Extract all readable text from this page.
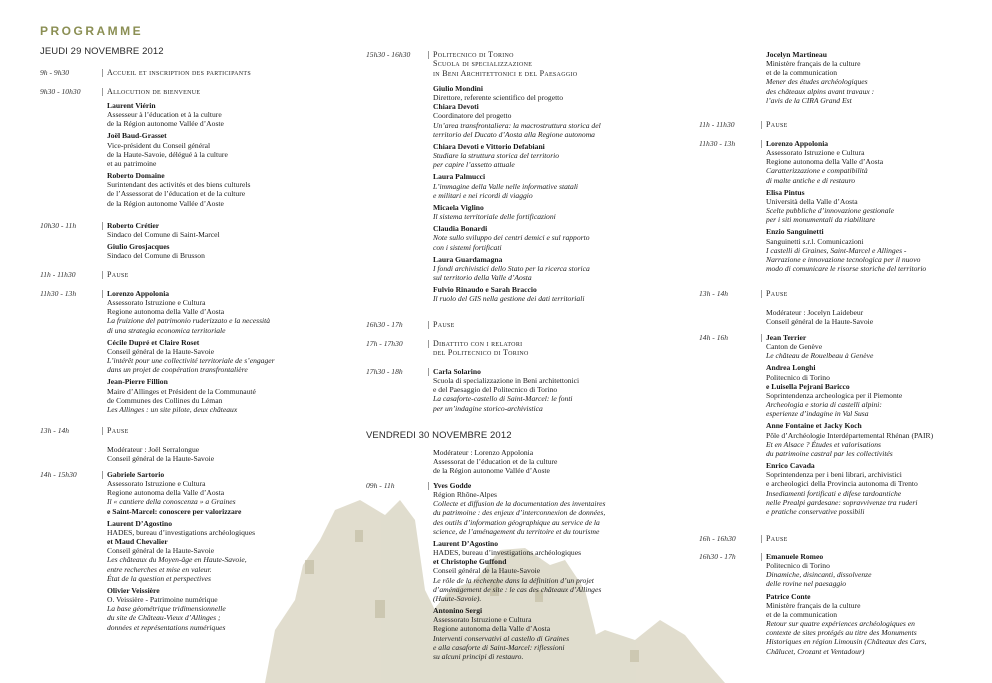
PROGRAMME
JEUDI 29 NOVEMBRE 2012
9h - 9h30	Accueil et inscription des participants
9h30 - 10h30	Allocution de bienvenue
Laurent Viérin
Assesseur à l’éducation et à la culture
de la Région autonome Vallée d’Aoste
Joël Baud-Grasset
Vice-président du Conseil général
de la Haute-Savoie, délégué à la culture
et au patrimoine
Roberto Domaine
Surintendant des activités et des biens culturels
de l’Assessorat de l’éducation et de la culture
de la Région autonome Vallée d’Aoste
10h30 - 11h	Roberto Crétier
Sindaco del Comune di Saint-Marcel
Giulio Grosjacques
Sindaco del Comune di Brusson
11h - 11h30	Pause
11h30 - 13h	Lorenzo Appolonia
Assessorato Istruzione e Cultura
Regione autonoma della Valle d’Aosta
La fruizione del patrimonio ruderizzato e la necessità
di una strategia economica territoriale
Cécile Dupré et Claire Roset
Conseil général de la Haute-Savoie
L’intérêt pour une collectivité territoriale de s’engager
dans un projet de coopération transfrontalière
Jean-Pierre Fillion
Maire d’Allinges et Président de la Communauté
de Communes des Collines du Léman
Les Allinges : un site pilote, deux châteaux
13h - 14h	Pause
Modérateur : Joël Serralongue
Conseil général de la Haute-Savoie
14h - 15h30	Gabriele Sartorio
Assessorato Istruzione e Cultura
Regione autonoma della Valle d’Aosta
Il « cantiere della conoscenza » a Graines
e Saint-Marcel: conoscere per valorizzare
Laurent D’Agostino
HADES, bureau d’investigations archéologiques
et Maud Chevalier
Conseil général de la Haute-Savoie
Les châteaux du Moyen-âge en Haute-Savoie,
entre recherches et mise en valeur.
État de la question et perspectives
Olivier Veissière
O. Veissière - Patrimoine numérique
La base géométrique tridimensionnelle
du site de Château-Vieux d’Allinges ;
données et représentations numériques
15h30 - 16h30	Politecnico di Torino
Scuola di specializzazione
in Beni Architettonici e del Paesaggio
Giulio Mondini
Direttore, referente scientifico del progetto
Chiara Devoti
Coordinatore del progetto
Un’area transfrontaliera: la macrostruttura storica del
territorio del Ducato d’Aosta alla Regione autonoma
Chiara Devoti e Vittorio Defabiani
Studiare la struttura storica del territorio
per capire l’assetto attuale
Laura Palmucci
L’immagine della Valle nelle informative statali
e militari e nei ricordi di viaggio
Micaela Viglino
Il sistema territoriale delle fortificazioni
Claudia Bonardi
Note sullo sviluppo dei centri demici e sul rapporto
con i sistemi fortificati
Laura Guardamagna
I fondi archivistici dello Stato per la ricerca storica
sul territorio della Valle d’Aosta
Fulvio Rinaudo e Sarah Braccio
Il ruolo del GIS nella gestione dei dati territoriali
16h30 - 17h	Pause
17h - 17h30	Dibattito con i relatori
del Politecnico di Torino
17h30 - 18h	Carla Solarino
Scuola di specializzazione in Beni architettonici
e del Paesaggio del Politecnico di Torino
La casaforte-castello di Saint-Marcel: le fonti
per un’indagine storico-archivistica
VENDREDI 30 NOVEMBRE 2012
Modérateur : Lorenzo Appolonia
Assessorat de l’éducation et de la culture
de la Région autonome Vallée d’Aoste
09h - 11h	Yves Godde
Région Rhône-Alpes
Collecte et diffusion de la documentation des inventaires
du patrimoine : des enjeux d’interconnexion de données,
des outils d’information géographique au service de la
science, de l’aménagement du territoire et du tourisme
Laurent D’Agostino
HADES, bureau d’investigations archéologiques
et Christophe Guffond
Conseil général de la Haute-Savoie
Le rôle de la recherche dans la définition d’un projet
d’aménagement de site : le cas des châteaux d’Allinges
(Haute-Savoie).
Antonino Sergi
Assessorato Istruzione e Cultura
Regione autonoma della Valle d’Aosta
Interventi conservativi al castello di Graines
e alla casaforte di Saint-Marcel: riflessioni
su alcuni principi di restauro.
Jocelyn Martineau
Ministère français de la culture
et de la communication
Mener des études archéologiques
des châteaux alpins avant travaux :
l’avis de la CIRA Grand Est
11h - 11h30	Pause
11h30 - 13h	Lorenzo Appolonia
Assessorato Istruzione e Cultura
Regione autonoma della Valle d’Aosta
Caratterizzazione e compatibilità
di malte antiche e di restauro
Elisa Pintus
Università della Valle d’Aosta
Scelte pubbliche d’innovazione gestionale
per i siti monumentali da riabilitare
Enzio Sanguinetti
Sanguinetti s.r.l. Comunicazioni
I castelli di Graines, Saint-Marcel e Allinges -
Narrazione e innovazione tecnologica per il nuovo
modo di comunicare le risorse storiche del territorio
13h - 14h	Pause
Modérateur : Jocelyn Laidebeur
Conseil général de la Haute-Savoie
14h - 16h	Jean Terrier
Canton de Genève
Le château de Rouelbeau à Genève
Andrea Longhi
Politecnico di Torino
e Luisella Pejrani Baricco
Soprintendenza archeologica per il Piemonte
Archeologia e storia di castelli alpini:
esperienze d’indagine in Val Susa
Anne Fontaine et Jacky Koch
Pôle d’Archéologie Interdépartemental Rhénan (PAIR)
Et en Alsace ? Études et valorisations
du patrimoine castral par les collectivités
Enrico Cavada
Soprintendenza per i beni librari, archivistici
e archeologici della Provincia autonoma di Trento
Insediamenti fortificati e difese tardoantiche
nelle Prealpi gardesane: sopravvivenze tra ruderi
e pratiche conservative possibili
16h - 16h30	Pause
16h30 - 17h	Emanuele Romeo
Politecnico di Torino
Dinamiche, disincanti, dissolvenze
delle rovine nel paesaggio
Patrice Conte
Ministère français de la culture
et de la communication
Retour sur quatre expériences archéologiques en
contexte de sites protégés au titre des Monuments
Historiques en région Limousin (Châteaux des Cars,
Châlucet, Crozant et Ventadour)
